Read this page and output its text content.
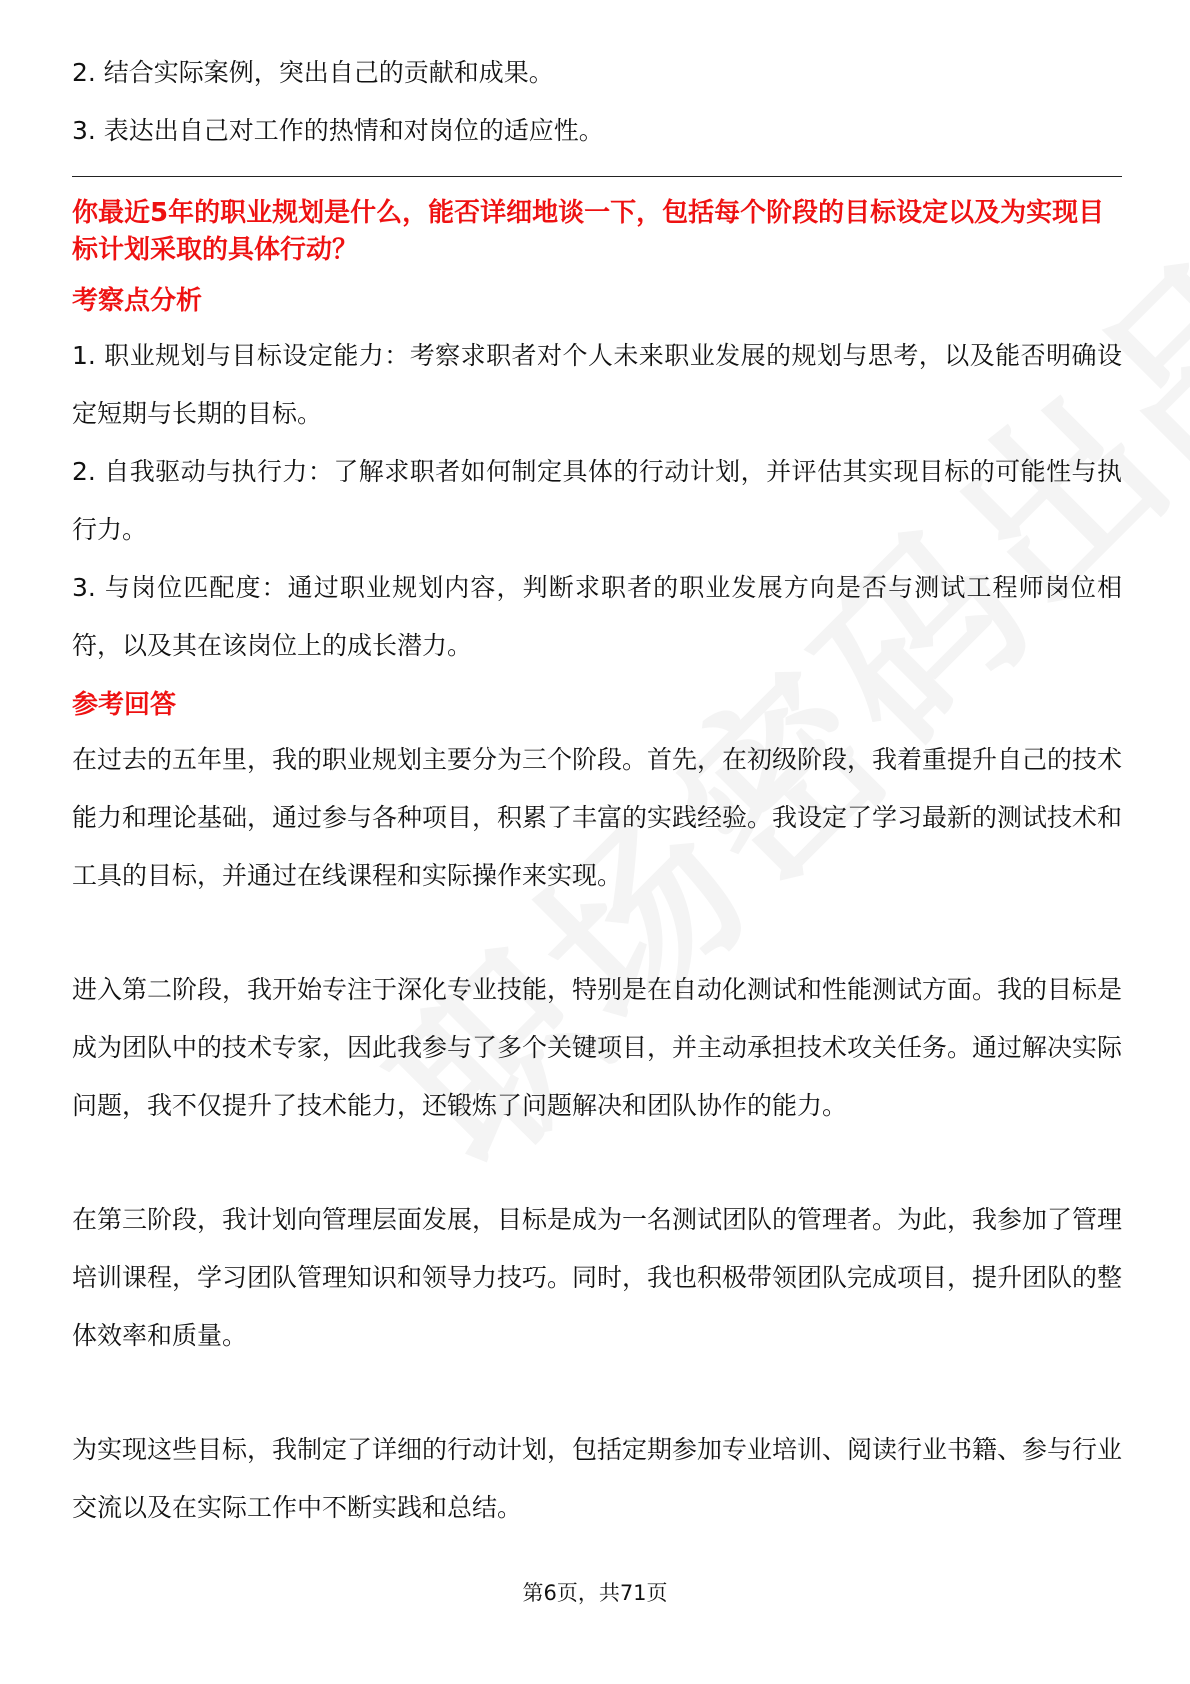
2. 结合实际案例，突出自己的贡献和成果。

3. 表达出自己对工作的热情和对岗位的适应性。

你最近5年的职业规划是什么，能否详细地谈一下，包括每个阶段的目标设定以及为实现目标计划采取的具体行动？

考察点分析

1. 职业规划与目标设定能力：考察求职者对个人未来职业发展的规划与思考，以及能否明确设定短期与长期的目标。

2. 自我驱动与执行力：了解求职者如何制定具体的行动计划，并评估其实现目标的可能性与执行力。

3. 与岗位匹配度：通过职业规划内容，判断求职者的职业发展方向是否与测试工程师岗位相符，以及其在该岗位上的成长潜力。

参考回答

在过去的五年里，我的职业规划主要分为三个阶段。首先，在初级阶段，我着重提升自己的技术能力和理论基础，通过参与各种项目，积累了丰富的实践经验。我设定了学习最新的测试技术和工具的目标，并通过在线课程和实际操作来实现。

进入第二阶段，我开始专注于深化专业技能，特别是在自动化测试和性能测试方面。我的目标是成为团队中的技术专家，因此我参与了多个关键项目，并主动承担技术攻关任务。通过解决实际问题，我不仅提升了技术能力，还锻炼了问题解决和团队协作的能力。

在第三阶段，我计划向管理层面发展，目标是成为一名测试团队的管理者。为此，我参加了管理培训课程，学习团队管理知识和领导力技巧。同时，我也积极带领团队完成项目，提升团队的整体效率和质量。

为实现这些目标，我制定了详细的行动计划，包括定期参加专业培训、阅读行业书籍、参与行业交流以及在实际工作中不断实践和总结。

第6页，共71页
